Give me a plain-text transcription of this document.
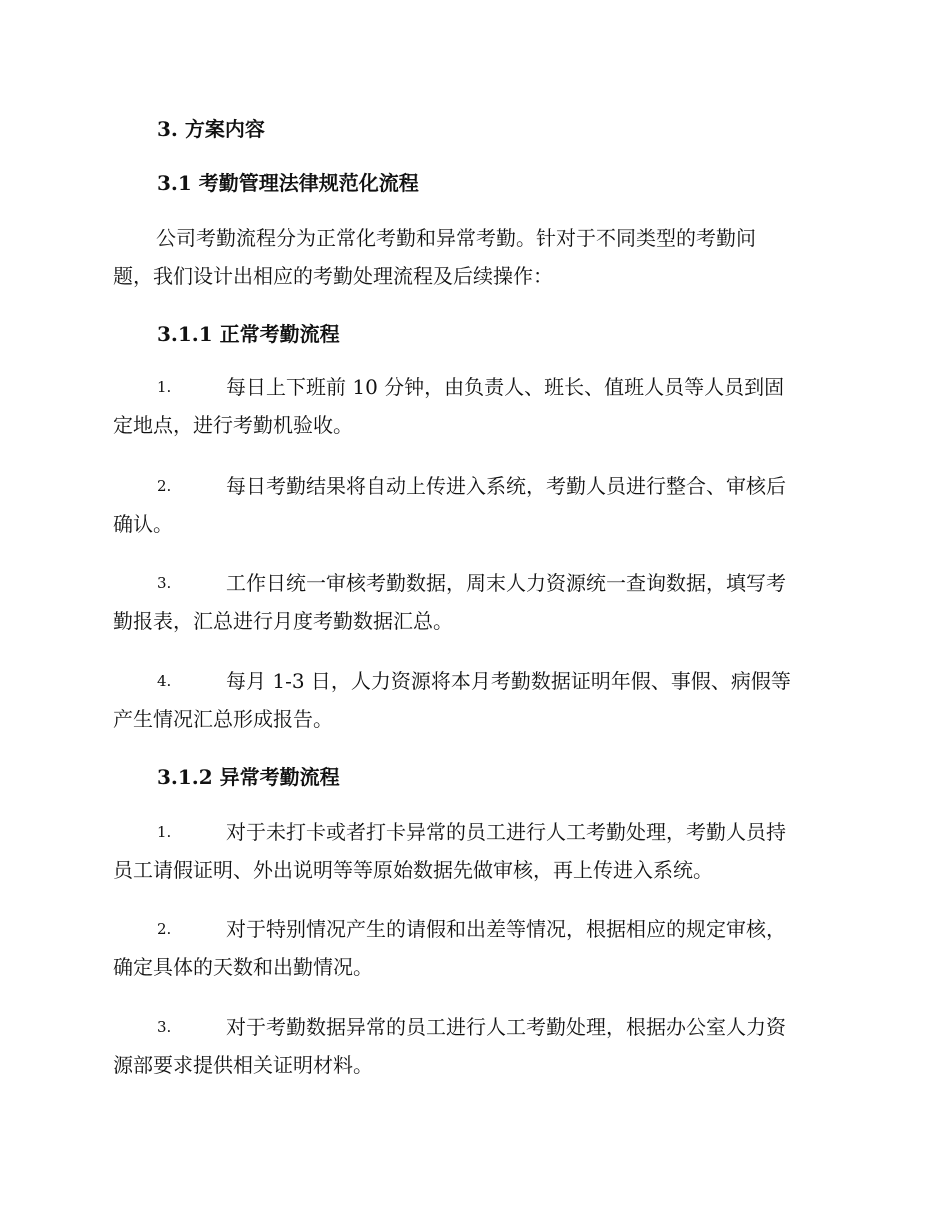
3. 方案内容
3.1 考勤管理法律规范化流程
公司考勤流程分为正常化考勤和异常考勤。针对于不同类型的考勤问
题，我们设计出相应的考勤处理流程及后续操作：
3.1.1 正常考勤流程
1.	每日上下班前 10 分钟，由负责人、班长、值班人员等人员到固
定地点，进行考勤机验收。
2.	每日考勤结果将自动上传进入系统，考勤人员进行整合、审核后
确认。
3.	工作日统一审核考勤数据，周末人力资源统一查询数据，填写考
勤报表，汇总进行月度考勤数据汇总。
4.	每月 1-3 日，人力资源将本月考勤数据证明年假、事假、病假等
产生情况汇总形成报告。
3.1.2 异常考勤流程
1.	对于未打卡或者打卡异常的员工进行人工考勤处理，考勤人员持
员工请假证明、外出说明等等原始数据先做审核，再上传进入系统。
2.	对于特别情况产生的请假和出差等情况，根据相应的规定审核，
确定具体的天数和出勤情况。
3.	对于考勤数据异常的员工进行人工考勤处理，根据办公室人力资
源部要求提供相关证明材料。
